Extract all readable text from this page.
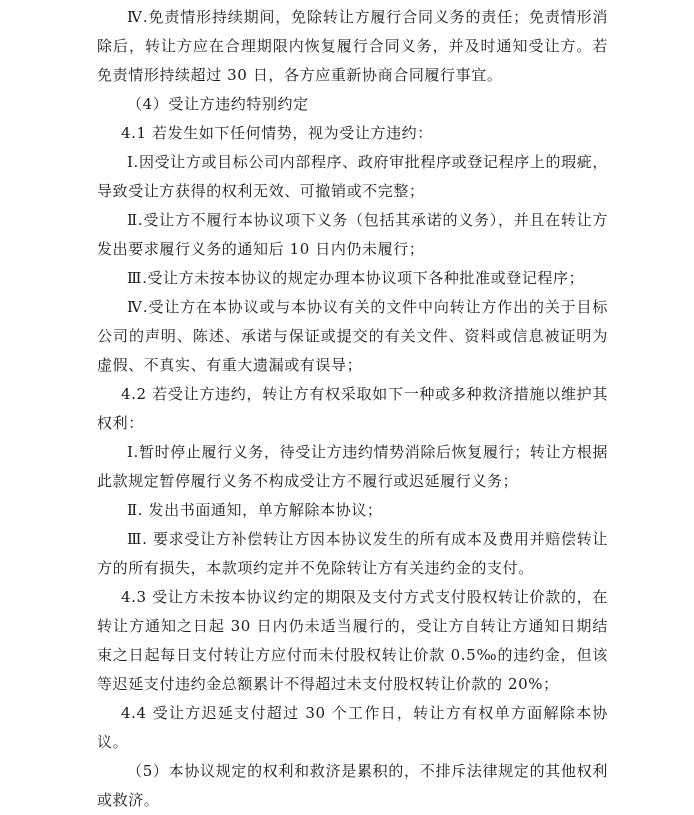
Ⅳ.免责情形持续期间，免除转让方履行合同义务的责任；免责情形消除后，转让方应在合理期限内恢复履行合同义务，并及时通知受让方。若免责情形持续超过 30 日，各方应重新协商合同履行事宜。

（4）受让方违约特别约定

4.1 若发生如下任何情势，视为受让方违约：

Ⅰ.因受让方或目标公司内部程序、政府审批程序或登记程序上的瑕疵，导致受让方获得的权利无效、可撤销或不完整；

Ⅱ.受让方不履行本协议项下义务（包括其承诺的义务），并且在转让方发出要求履行义务的通知后 10 日内仍未履行；

Ⅲ.受让方未按本协议的规定办理本协议项下各种批准或登记程序；

Ⅳ.受让方在本协议或与本协议有关的文件中向转让方作出的关于目标公司的声明、陈述、承诺与保证或提交的有关文件、资料或信息被证明为虚假、不真实、有重大遗漏或有误导；

4.2 若受让方违约，转让方有权采取如下一种或多种救济措施以维护其权利：

Ⅰ.暂时停止履行义务，待受让方违约情势消除后恢复履行；转让方根据此款规定暂停履行义务不构成受让方不履行或迟延履行义务；

Ⅱ. 发出书面通知，单方解除本协议；

Ⅲ. 要求受让方补偿转让方因本协议发生的所有成本及费用并赔偿转让方的所有损失，本款项约定并不免除转让方有关违约金的支付。

4.3 受让方未按本协议约定的期限及支付方式支付股权转让价款的，在转让方通知之日起 30 日内仍未适当履行的，受让方自转让方通知日期结束之日起每日支付转让方应付而未付股权转让价款 0.5‰的违约金，但该等迟延支付违约金总额累计不得超过未支付股权转让价款的 20%；

4.4 受让方迟延支付超过 30 个工作日，转让方有权单方面解除本协议。

（5）本协议规定的权利和救济是累积的，不排斥法律规定的其他权利或救济。
